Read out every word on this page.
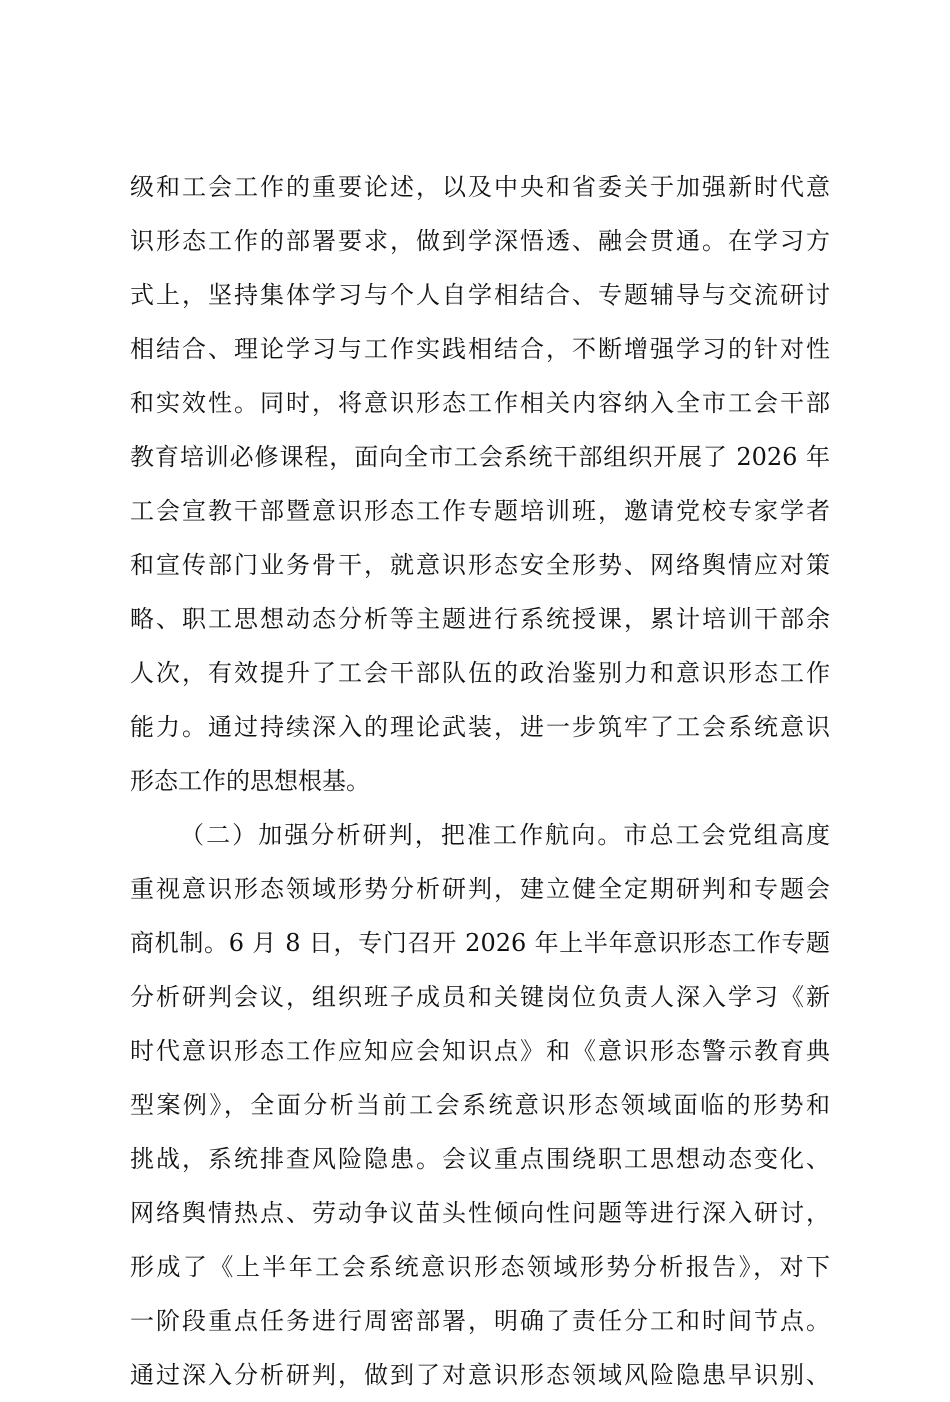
级和工会工作的重要论述，以及中央和省委关于加强新时代意
识形态工作的部署要求，做到学深悟透、融会贯通。在学习方
式上，坚持集体学习与个人自学相结合、专题辅导与交流研讨
相结合、理论学习与工作实践相结合，不断增强学习的针对性
和实效性。同时，将意识形态工作相关内容纳入全市工会干部
教育培训必修课程，面向全市工会系统干部组织开展了 2026 年
工会宣教干部暨意识形态工作专题培训班，邀请党校专家学者
和宣传部门业务骨干，就意识形态安全形势、网络舆情应对策
略、职工思想动态分析等主题进行系统授课，累计培训干部余
人次，有效提升了工会干部队伍的政治鉴别力和意识形态工作
能力。通过持续深入的理论武装，进一步筑牢了工会系统意识
形态工作的思想根基。
（二）加强分析研判，把准工作航向。市总工会党组高度
重视意识形态领域形势分析研判，建立健全定期研判和专题会
商机制。6 月 8 日，专门召开 2026 年上半年意识形态工作专题
分析研判会议，组织班子成员和关键岗位负责人深入学习《新
时代意识形态工作应知应会知识点》和《意识形态警示教育典
型案例》，全面分析当前工会系统意识形态领域面临的形势和
挑战，系统排查风险隐患。会议重点围绕职工思想动态变化、
网络舆情热点、劳动争议苗头性倾向性问题等进行深入研讨，
形成了《上半年工会系统意识形态领域形势分析报告》，对下
一阶段重点任务进行周密部署，明确了责任分工和时间节点。
通过深入分析研判，做到了对意识形态领域风险隐患早识别、
